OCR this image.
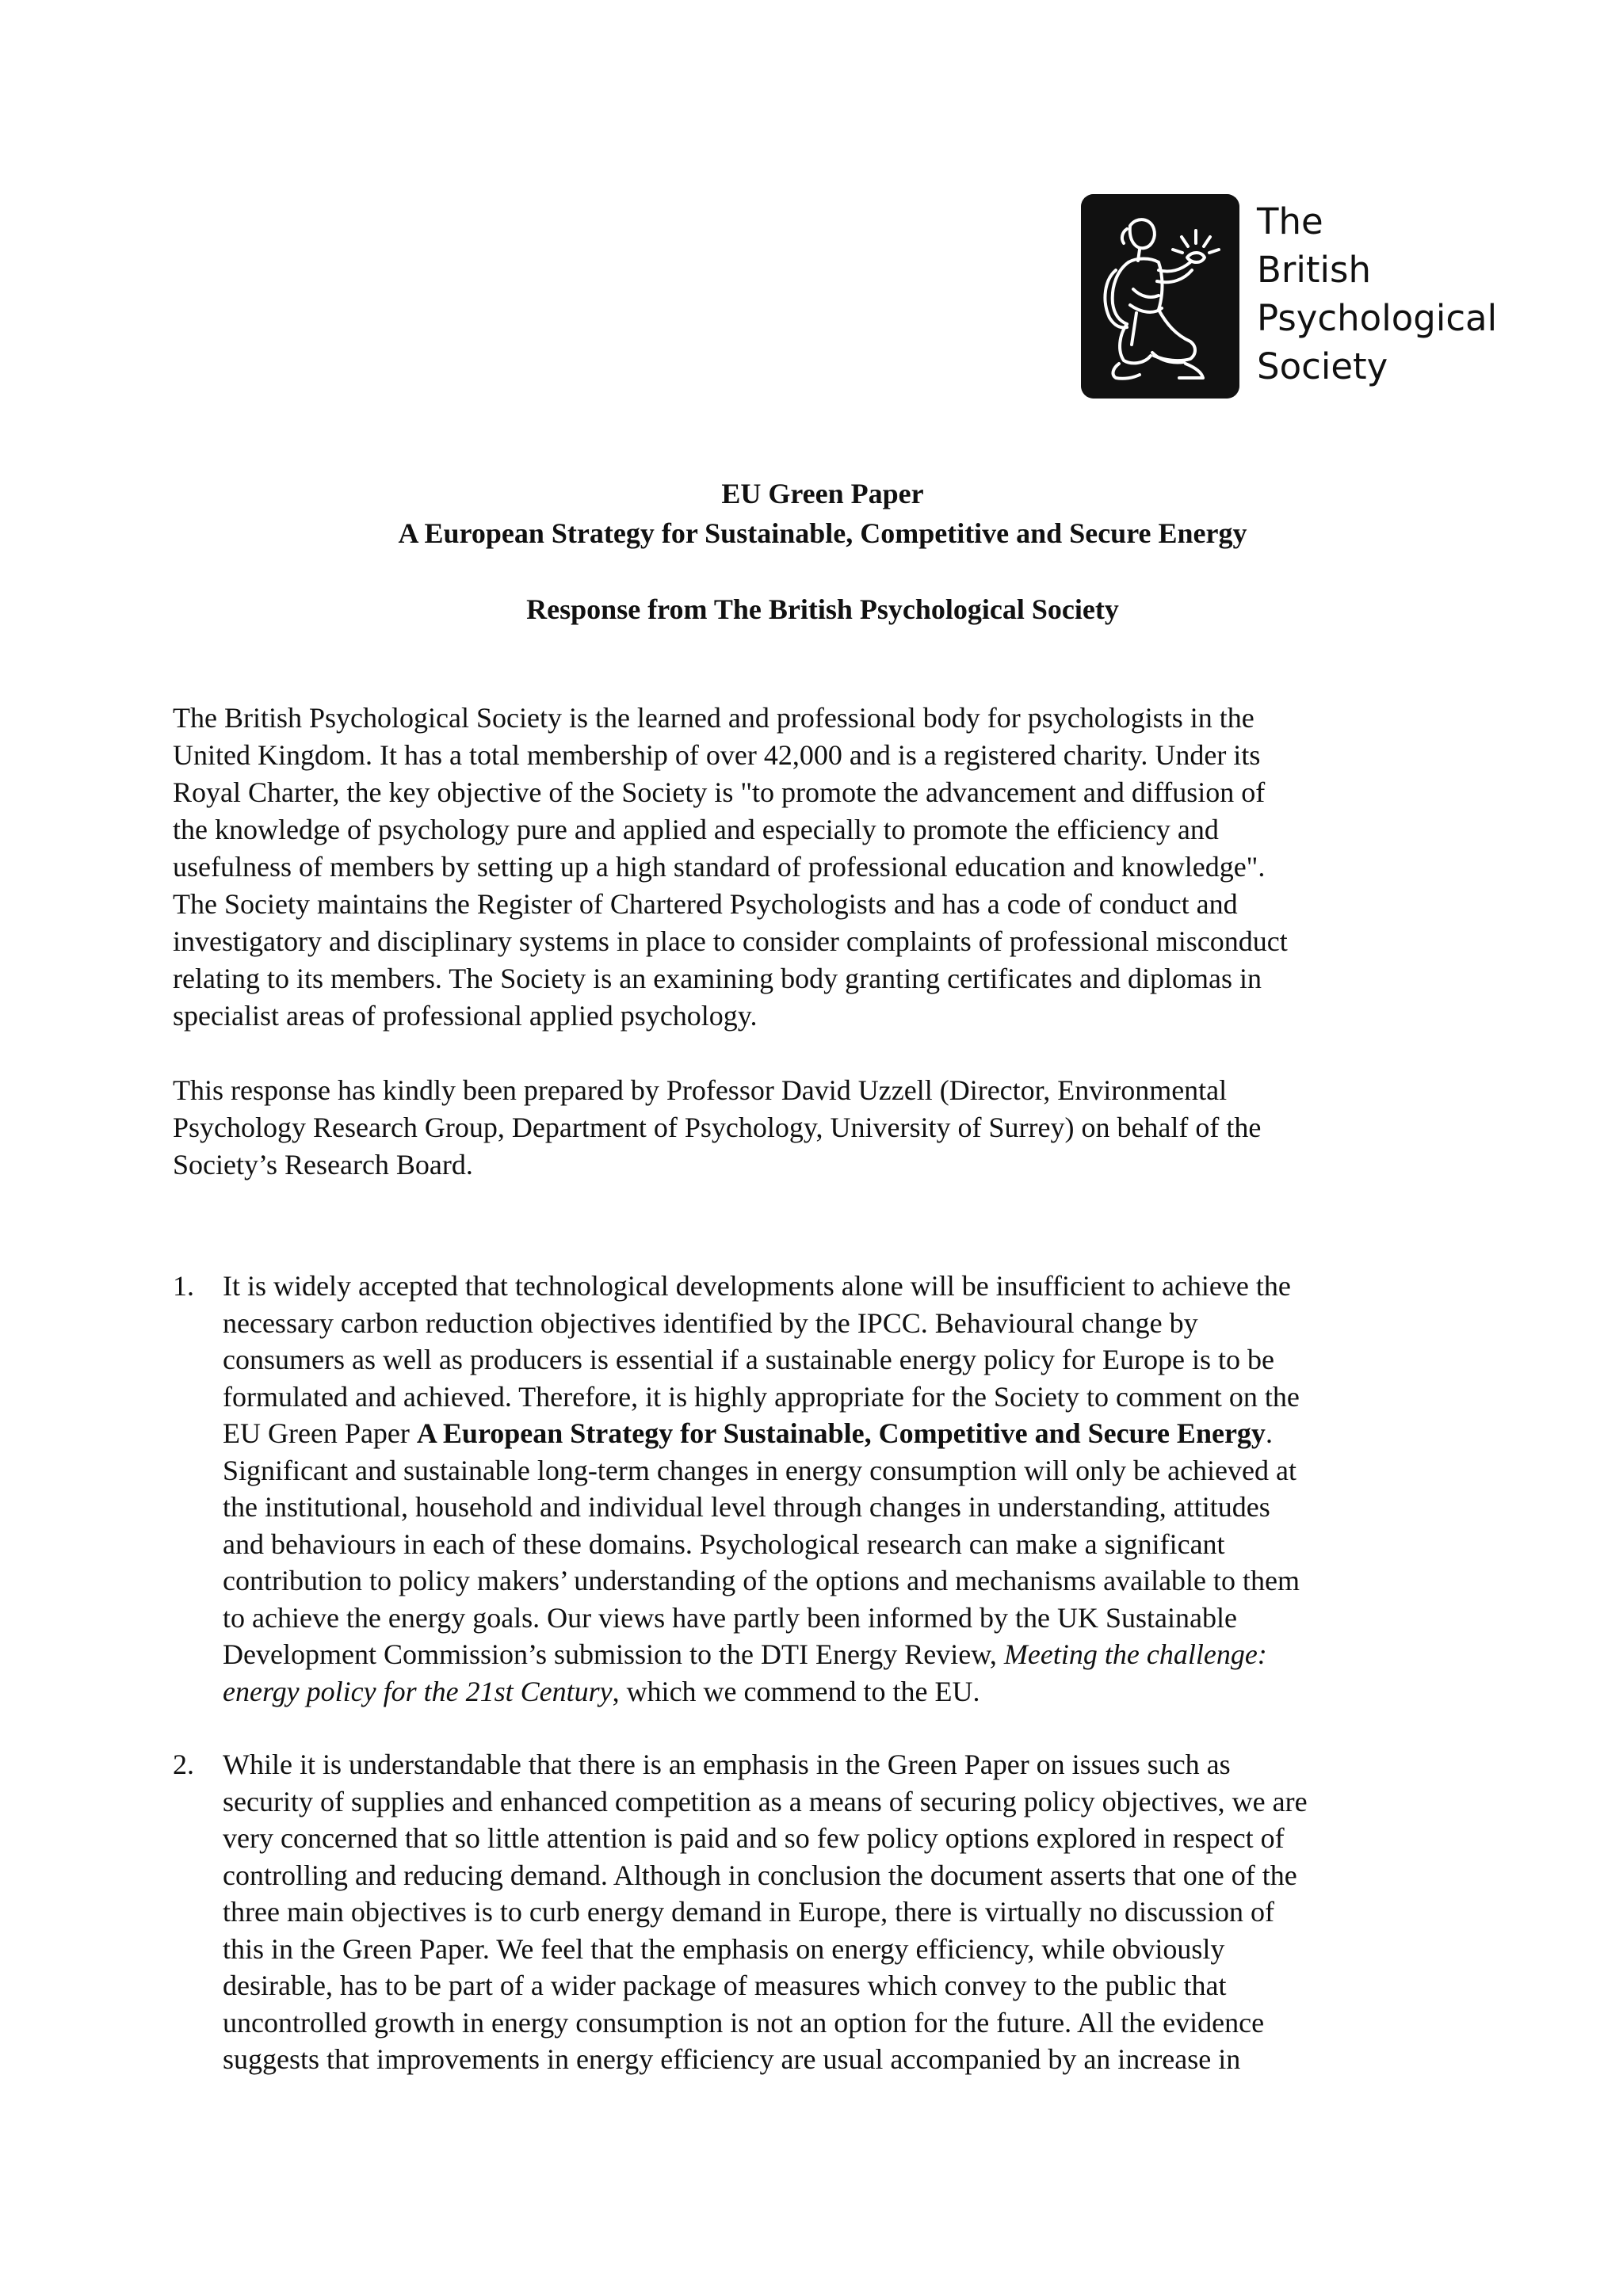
The
British
Psychological
Society
EU Green Paper
A European Strategy for Sustainable, Competitive and Secure Energy
Response from The British Psychological Society

The British Psychological Society is the learned and professional body for psychologists in the

United Kingdom. It has a total membership of over 42,000 and is a registered charity. Under its

Royal Charter, the key objective of the Society is "to promote the advancement and diffusion of

the knowledge of psychology pure and applied and especially to promote the efficiency and

usefulness of members by setting up a high standard of professional education and knowledge".

The Society maintains the Register of Chartered Psychologists and has a code of conduct and

investigatory and disciplinary systems in place to consider complaints of professional misconduct

relating to its members. The Society is an examining body granting certificates and diplomas in

specialist areas of professional applied psychology.

This response has kindly been prepared by Professor David Uzzell (Director, Environmental

Psychology Research Group, Department of Psychology, University of Surrey) on behalf of the

Society’s Research Board.

1. It is widely accepted that technological developments alone will be insufficient to achieve the
necessary carbon reduction objectives identified by the IPCC. Behavioural change by
consumers as well as producers is essential if a sustainable energy policy for Europe is to be
formulated and achieved. Therefore, it is highly appropriate for the Society to comment on the
EU Green Paper A European Strategy for Sustainable, Competitive and Secure Energy.
Significant and sustainable long-term changes in energy consumption will only be achieved at
the institutional, household and individual level through changes in understanding, attitudes
and behaviours in each of these domains. Psychological research can make a significant
contribution to policy makers’ understanding of the options and mechanisms available to them
to achieve the energy goals. Our views have partly been informed by the UK Sustainable
Development Commission’s submission to the DTI Energy Review, Meeting the challenge:
energy policy for the 21st Century, which we commend to the EU.
2. While it is understandable that there is an emphasis in the Green Paper on issues such as
security of supplies and enhanced competition as a means of securing policy objectives, we are
very concerned that so little attention is paid and so few policy options explored in respect of
controlling and reducing demand. Although in conclusion the document asserts that one of the
three main objectives is to curb energy demand in Europe, there is virtually no discussion of
this in the Green Paper. We feel that the emphasis on energy efficiency, while obviously
desirable, has to be part of a wider package of measures which convey to the public that
uncontrolled growth in energy consumption is not an option for the future. All the evidence
suggests that improvements in energy efficiency are usual accompanied by an increase in
